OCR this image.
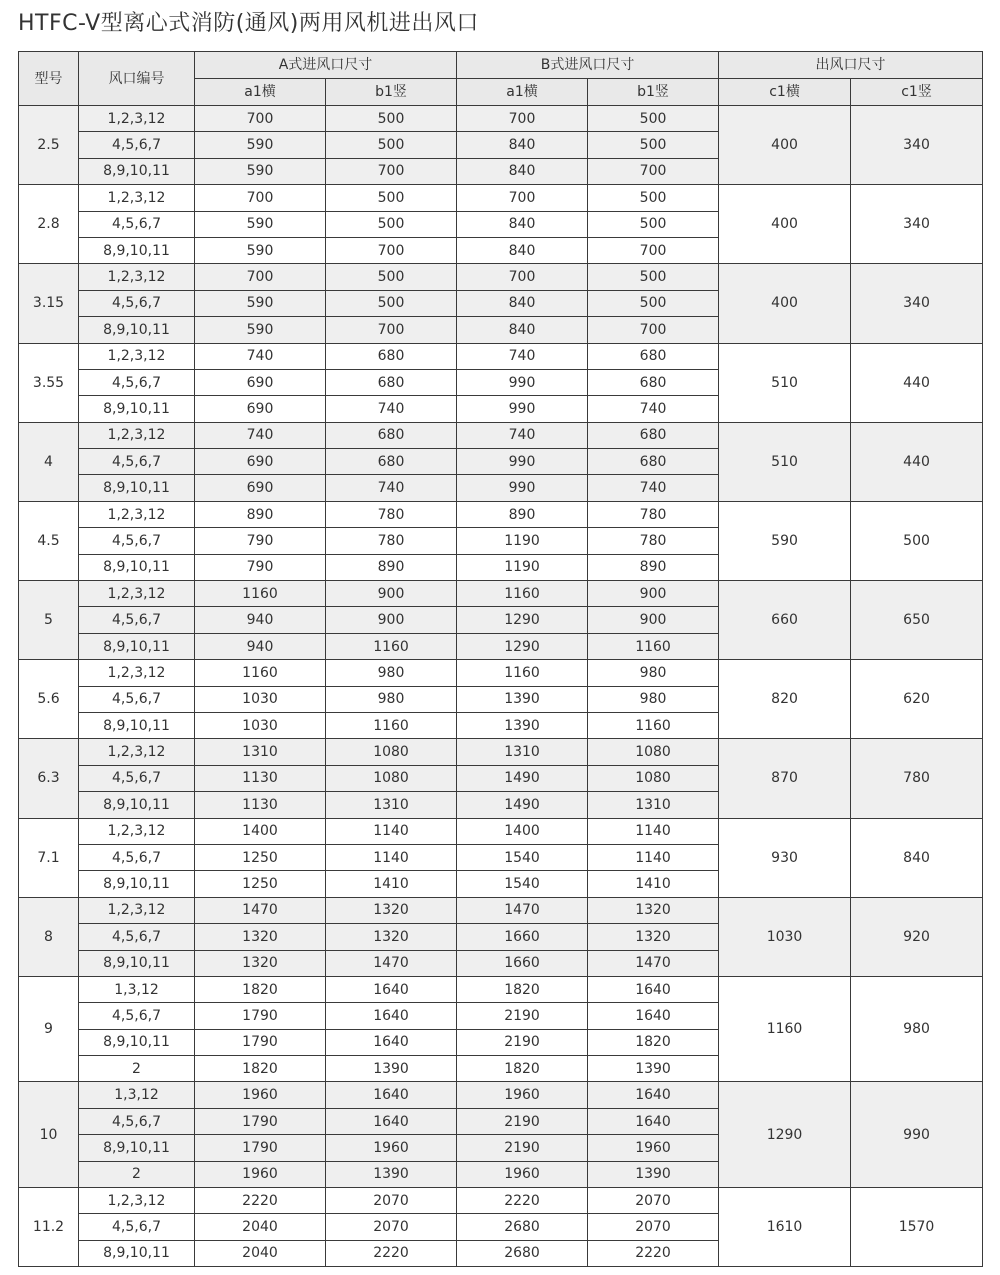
HTFC-V型离心式消防(通风)两用风机进出风口
型号	风口编号	A式进风口尺寸		B式进风口尺寸		出风口尺寸	
		a1横	b1竖	a1横	b1竖	c1横	c1竖
2.5	1,2,3,12	700	500	700	500	400	340
	4,5,6,7	590	500	840	500		
	8,9,10,11	590	700	840	700		
2.8	1,2,3,12	700	500	700	500	400	340
	4,5,6,7	590	500	840	500		
	8,9,10,11	590	700	840	700		
3.15	1,2,3,12	700	500	700	500	400	340
	4,5,6,7	590	500	840	500		
	8,9,10,11	590	700	840	700		
3.55	1,2,3,12	740	680	740	680	510	440
	4,5,6,7	690	680	990	680		
	8,9,10,11	690	740	990	740		
4	1,2,3,12	740	680	740	680	510	440
	4,5,6,7	690	680	990	680		
	8,9,10,11	690	740	990	740		
4.5	1,2,3,12	890	780	890	780	590	500
	4,5,6,7	790	780	1190	780		
	8,9,10,11	790	890	1190	890		
5	1,2,3,12	1160	900	1160	900	660	650
	4,5,6,7	940	900	1290	900		
	8,9,10,11	940	1160	1290	1160		
5.6	1,2,3,12	1160	980	1160	980	820	620
	4,5,6,7	1030	980	1390	980		
	8,9,10,11	1030	1160	1390	1160		
6.3	1,2,3,12	1310	1080	1310	1080	870	780
	4,5,6,7	1130	1080	1490	1080		
	8,9,10,11	1130	1310	1490	1310		
7.1	1,2,3,12	1400	1140	1400	1140	930	840
	4,5,6,7	1250	1140	1540	1140		
	8,9,10,11	1250	1410	1540	1410		
8	1,2,3,12	1470	1320	1470	1320	1030	920
	4,5,6,7	1320	1320	1660	1320		
	8,9,10,11	1320	1470	1660	1470		
9	1,3,12	1820	1640	1820	1640	1160	980
	4,5,6,7	1790	1640	2190	1640		
	8,9,10,11	1790	1640	2190	1820		
	2	1820	1390	1820	1390		
10	1,3,12	1960	1640	1960	1640	1290	990
	4,5,6,7	1790	1640	2190	1640		
	8,9,10,11	1790	1960	2190	1960		
	2	1960	1390	1960	1390		
11.2	1,2,3,12	2220	2070	2220	2070	1610	1570
	4,5,6,7	2040	2070	2680	2070		
	8,9,10,11	2040	2220	2680	2220		
